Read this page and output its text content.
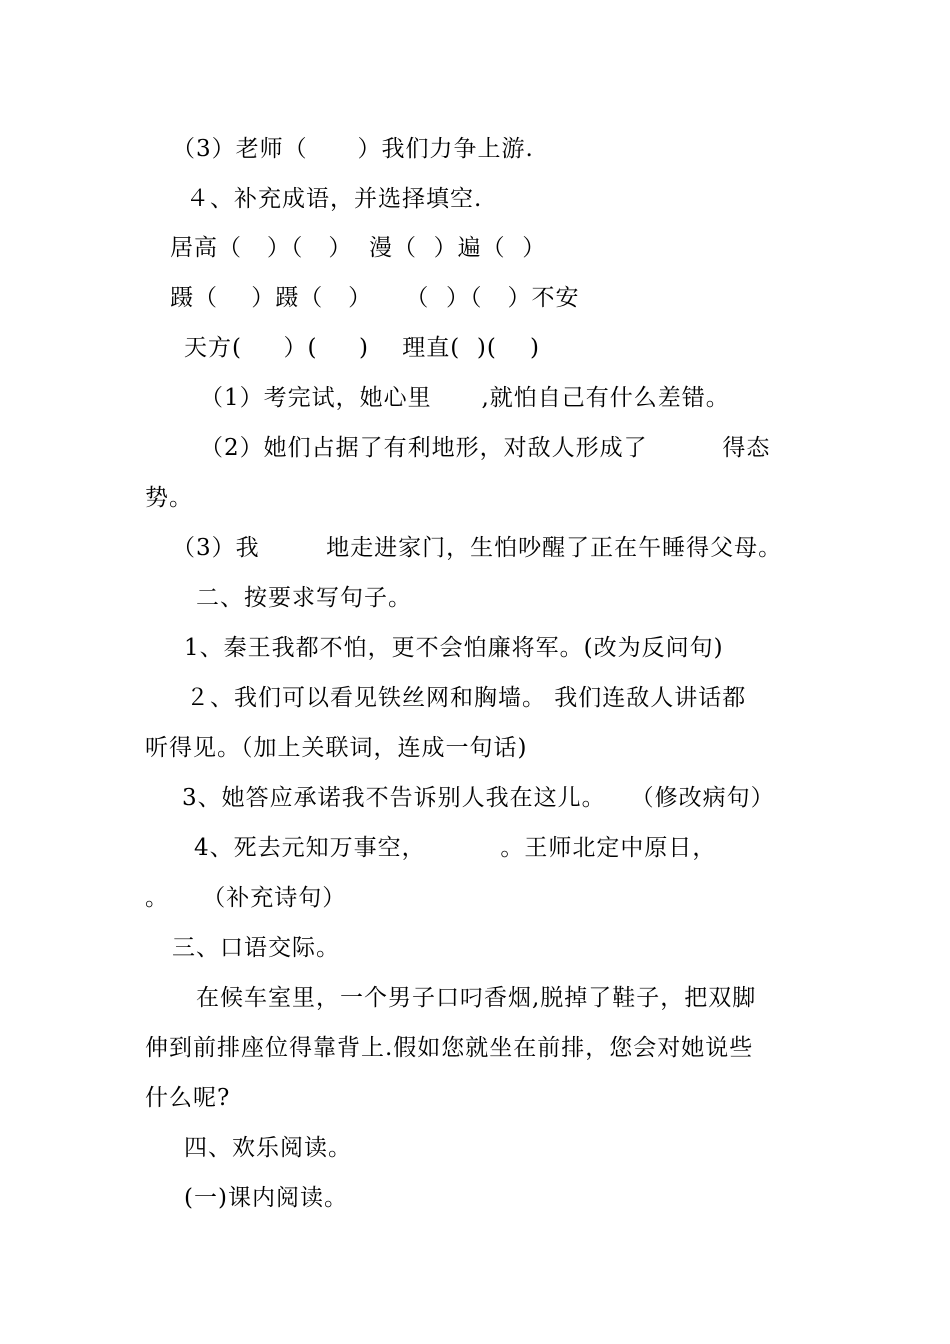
（3）老师（      ）我们力争上游.
４、补充成语，并选择填空.
居高（   ）（   ）  漫（  ）遍（  ）
蹑（    ）蹑（   ）    （  ）（   ）不安
天方(     ）(     )    理直(  )(    )
（1）考完试，她心里      ,就怕自己有什么差错。
（2）她们占据了有利地形，对敌人形成了         得态
势。
（3）我        地走进家门，生怕吵醒了正在午睡得父母。
二、按要求写句子。
1、秦王我都不怕，更不会怕廉将军。(改为反问句)
２、我们可以看见铁丝网和胸墙。 我们连敌人讲话都
听得见。（加上关联词，连成一句话)
3、她答应承诺我不告诉别人我在这儿。   （修改病句）
4、死去元知万事空，         。王师北定中原日，
。    （补充诗句）
三、口语交际。
在候车室里，一个男子口叼香烟,脱掉了鞋子，把双脚
伸到前排座位得靠背上.假如您就坐在前排，您会对她说些
什么呢?
四、欢乐阅读。
(一)课内阅读。
